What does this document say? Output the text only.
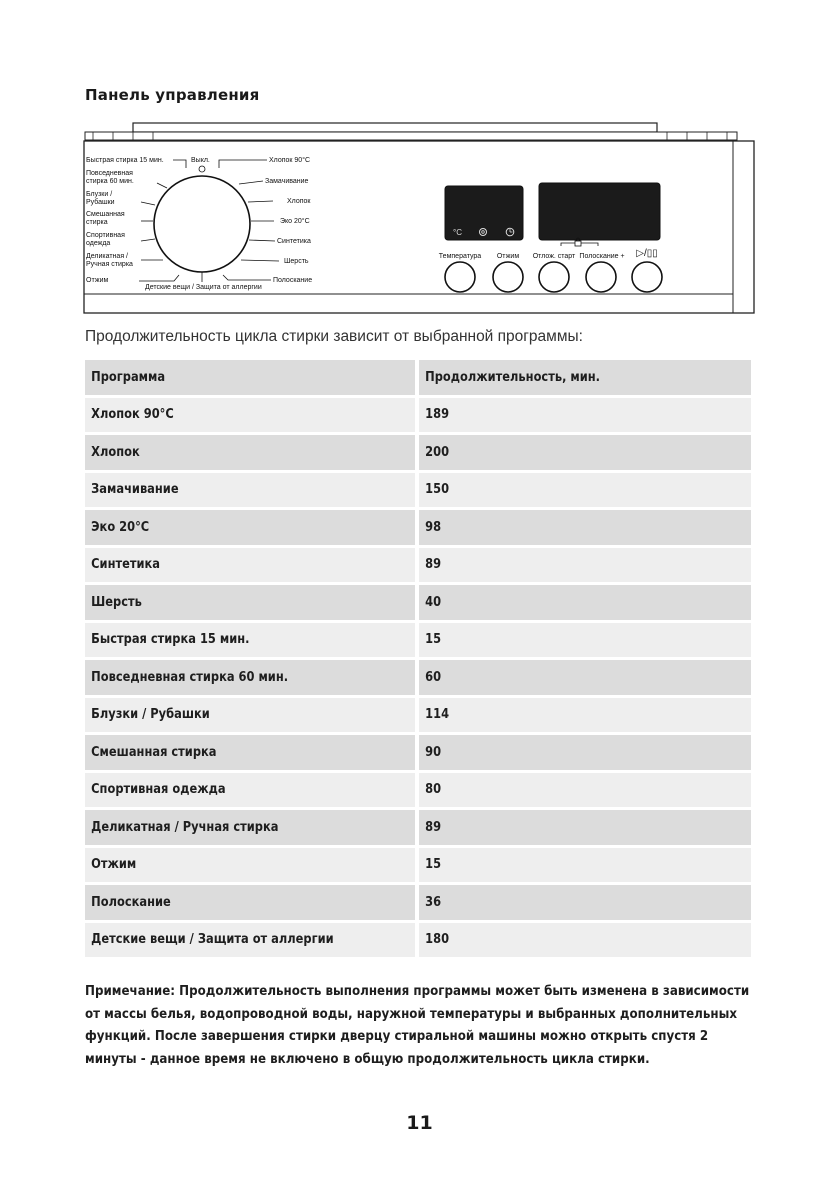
Панель управления
°C
Быстрая стирка 15 мин.
Повседневная стирка 60 мин.
Блузки / Рубашки
Смешанная стирка
Спортивная одежда
Деликатная / Ручная стирка
Отжим
Выкл.	Хлопок 90°C
Замачивание
Хлопок
Эко 20°C
Синтетика
Шерсть
Полоскание
Детские вещи / Защита от аллергии
Температура	Отжим	Отлож. старт Полоскание +	▷/▯▯
Продолжительность цикла стирки зависит от выбранной программы:
Программа	Продолжительность, мин.
Хлопок 90°C	189
Хлопок	200
Замачивание	150
Эко 20°C	98
Синтетика	89
Шерсть	40
Быстрая стирка 15 мин.	15
Повседневная стирка 60 мин.	60
Блузки / Рубашки	114
Смешанная стирка	90
Спортивная одежда	80
Деликатная / Ручная стирка	89
Отжим	15
Полоскание	36
Детские вещи / Защита от аллергии	180
Примечание: Продолжительность выполнения программы может быть изменена в зависимости от массы белья, водопроводной воды, наружной температуры и выбранных дополнительных функций. После завершения стирки дверцу стиральной машины можно открыть спустя 2 минуты - данное время не включено в общую продолжительность цикла стирки.
11
